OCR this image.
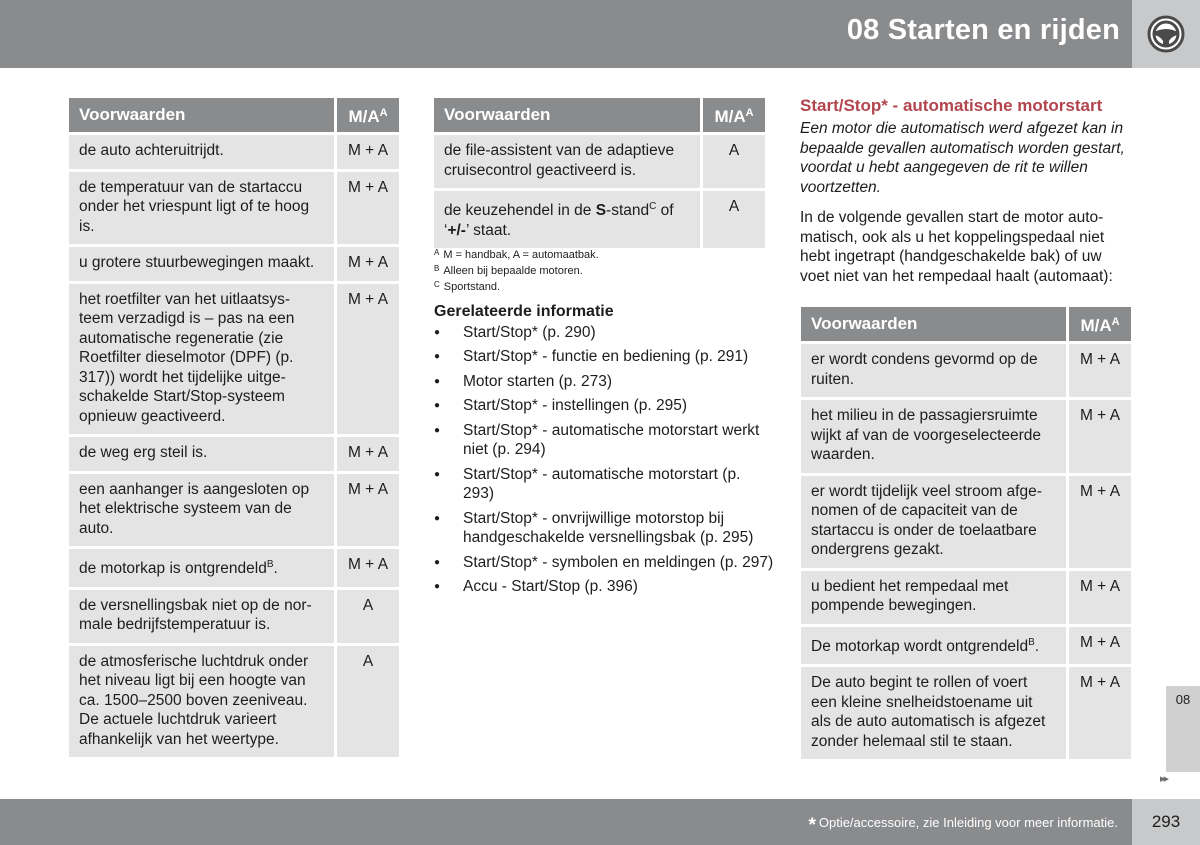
08 Starten en rijden
Voorwaarden		$M/A^A$
de auto achteruitrijdt.		M + A
de temperatuur van de startaccu onder het vriespunt ligt of te hoog is.		M + A
u grotere stuurbewegingen maakt.		M + A
het roetfilter van het uitlaatsys-
teem verzadigd is – pas na een automatische regeneratie (zie Roetfilter dieselmotor (DPF) (p. 317)) wordt het tijdelijke uitge-
schakelde Start/Stop-systeem opnieuw geactiveerd.		M + A
de weg erg steil is.		M + A
een aanhanger is aangesloten op het elektrische systeem van de auto.		M + A
de motorkap is ontgrendeld$^B$.		M + A
de versnellingsbak niet op de nor-
male bedrijfstemperatuur is.		A
de atmosferische luchtdruk onder het niveau ligt bij een hoogte van ca. 1500–2500 boven zeeniveau. De actuele luchtdruk varieert afhankelijk van het weertype.		A
Voorwaarden		$M/A^A$
de file-assistent van de adaptieve cruisecontrol geactiveerd is.		A
de keuzehendel in de S-stand$^C$ of ‘+/-’ staat.		A
$^A$ M = handbak, A = automaatbak.
$^B$ Alleen bij bepaalde motoren.
$^C$ Sportstand.
Gerelateerde informatie
● Start/Stop* (p. 290)
● Start/Stop* - functie en bediening (p. 291)
● Motor starten (p. 273)
● Start/Stop* - instellingen (p. 295)
● Start/Stop* - automatische motorstart werkt niet (p. 294)
● Start/Stop* - automatische motorstart (p. 293)
● Start/Stop* - onvrijwillige motorstop bij handgeschakelde versnellingsbak (p. 295)
● Start/Stop* - symbolen en meldingen (p. 297)
● Accu - Start/Stop (p. 396)
Start/Stop* - automatische motorstart

Een motor die automatisch werd afgezet kan in bepaalde gevallen automatisch worden gestart, voordat u hebt aangegeven de rit te willen voortzetten.

In de volgende gevallen start de motor auto-
matisch, ook als u het koppelingspedaal niet hebt ingetrapt (handgeschakelde bak) of uw voet niet van het rempedaal haalt (automaat):

Voorwaarden		$M/A^A$
er wordt condens gevormd op de ruiten.		M + A
het milieu in de passagiersruimte wijkt af van de voorgeselecteerde waarden.		M + A
er wordt tijdelijk veel stroom afge-
nomen of de capaciteit van de startaccu is onder de toelaatbare ondergrens gezakt.		M + A
u bedient het rempedaal met pompende bewegingen.		M + A
De motorkap wordt ontgrendeld$^B$.		M + A
De auto begint te rollen of voert een kleine snelheidstoename uit als de auto automatisch is afgezet zonder helemaal stil te staan.		M + A
08
▸▸
* Optie/accessoire, zie Inleiding voor meer informatie.	293
